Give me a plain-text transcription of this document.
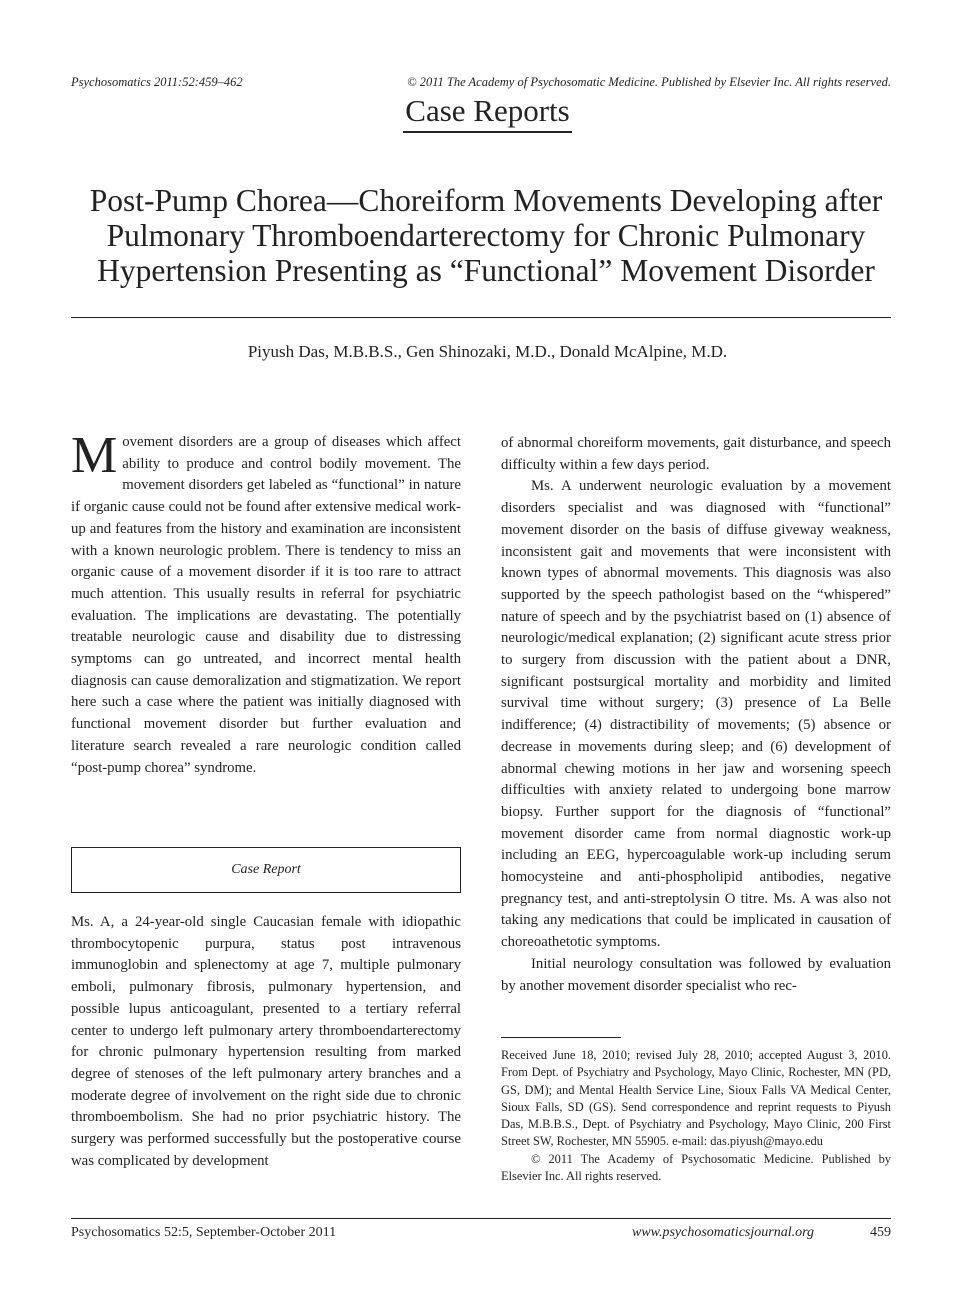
Psychosomatics 2011:52:459–462	© 2011 The Academy of Psychosomatic Medicine. Published by Elsevier Inc. All rights reserved.
Case Reports
Post-Pump Chorea—Choreiform Movements Developing after Pulmonary Thromboendarterectomy for Chronic Pulmonary Hypertension Presenting as “Functional” Movement Disorder
Piyush Das, M.B.B.S., Gen Shinozaki, M.D., Donald McAlpine, M.D.
Movement disorders are a group of diseases which affect ability to produce and control bodily movement. The movement disorders get labeled as “functional” in nature if organic cause could not be found after extensive medical work-up and features from the history and examination are inconsistent with a known neurologic problem. There is tendency to miss an organic cause of a movement disorder if it is too rare to attract much attention. This usually results in referral for psychiatric evaluation. The implications are devastating. The potentially treatable neurologic cause and disability due to distressing symptoms can go untreated, and incorrect mental health diagnosis can cause demoralization and stigmatization. We report here such a case where the patient was initially diagnosed with functional movement disorder but further evaluation and literature search revealed a rare neurologic condition called “post-pump chorea” syndrome.
Case Report

Ms. A, a 24-year-old single Caucasian female with idiopathic thrombocytopenic purpura, status post intravenous immunoglobin and splenectomy at age 7, multiple pulmonary emboli, pulmonary fibrosis, pulmonary hypertension, and possible lupus anticoagulant, presented to a tertiary referral center to undergo left pulmonary artery thromboendarterectomy for chronic pulmonary hypertension resulting from marked degree of stenoses of the left pulmonary artery branches and a moderate degree of involvement on the right side due to chronic thromboembolism. She had no prior psychiatric history. The surgery was performed successfully but the postoperative course was complicated by development

of abnormal choreiform movements, gait disturbance, and speech difficulty within a few days period.

Ms. A underwent neurologic evaluation by a movement disorders specialist and was diagnosed with “functional” movement disorder on the basis of diffuse giveway weakness, inconsistent gait and movements that were inconsistent with known types of abnormal movements. This diagnosis was also supported by the speech pathologist based on the “whispered” nature of speech and by the psychiatrist based on (1) absence of neurologic/medical explanation; (2) significant acute stress prior to surgery from discussion with the patient about a DNR, significant postsurgical mortality and morbidity and limited survival time without surgery; (3) presence of La Belle indifference; (4) distractibility of movements; (5) absence or decrease in movements during sleep; and (6) development of abnormal chewing motions in her jaw and worsening speech difficulties with anxiety related to undergoing bone marrow biopsy. Further support for the diagnosis of “functional” movement disorder came from normal diagnostic work-up including an EEG, hypercoagulable work-up including serum homocysteine and anti-phospholipid antibodies, negative pregnancy test, and anti-streptolysin O titre. Ms. A was also not taking any medications that could be implicated in causation of choreoathetotic symptoms.

Initial neurology consultation was followed by evaluation by another movement disorder specialist who rec-

Received June 18, 2010; revised July 28, 2010; accepted August 3, 2010. From Dept. of Psychiatry and Psychology, Mayo Clinic, Rochester, MN (PD, GS, DM); and Mental Health Service Line, Sioux Falls VA Medical Center, Sioux Falls, SD (GS). Send correspondence and reprint requests to Piyush Das, M.B.B.S., Dept. of Psychiatry and Psychology, Mayo Clinic, 200 First Street SW, Rochester, MN 55905. e-mail: das.piyush@mayo.edu

© 2011 The Academy of Psychosomatic Medicine. Published by Elsevier Inc. All rights reserved.

Psychosomatics 52:5, September-October 2011	www.psychosomaticsjournal.org	459
